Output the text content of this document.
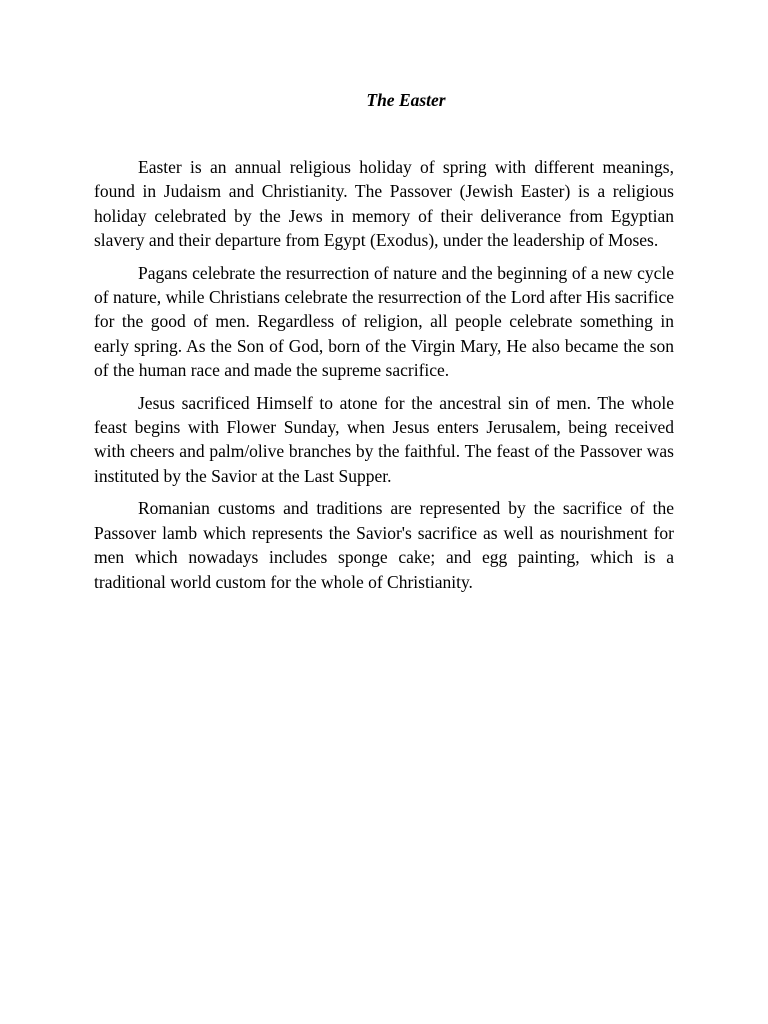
The Easter

Easter is an annual religious holiday of spring with different meanings, found in Judaism and Christianity. The Passover (Jewish Easter) is a religious holiday celebrated by the Jews in memory of their deliverance from Egyptian slavery and their departure from Egypt (Exodus), under the leadership of Moses.

Pagans celebrate the resurrection of nature and the beginning of a new cycle of nature, while Christians celebrate the resurrection of the Lord after His sacrifice for the good of men. Regardless of religion, all people celebrate something in early spring. As the Son of God, born of the Virgin Mary, He also became the son of the human race and made the supreme sacrifice.

Jesus sacrificed Himself to atone for the ancestral sin of men. The whole feast begins with Flower Sunday, when Jesus enters Jerusalem, being received with cheers and palm/olive branches by the faithful. The feast of the Passover was instituted by the Savior at the Last Supper.

Romanian customs and traditions are represented by the sacrifice of the Passover lamb which represents the Savior's sacrifice as well as nourishment for men which nowadays includes sponge cake; and egg painting, which is a traditional world custom for the whole of Christianity.
